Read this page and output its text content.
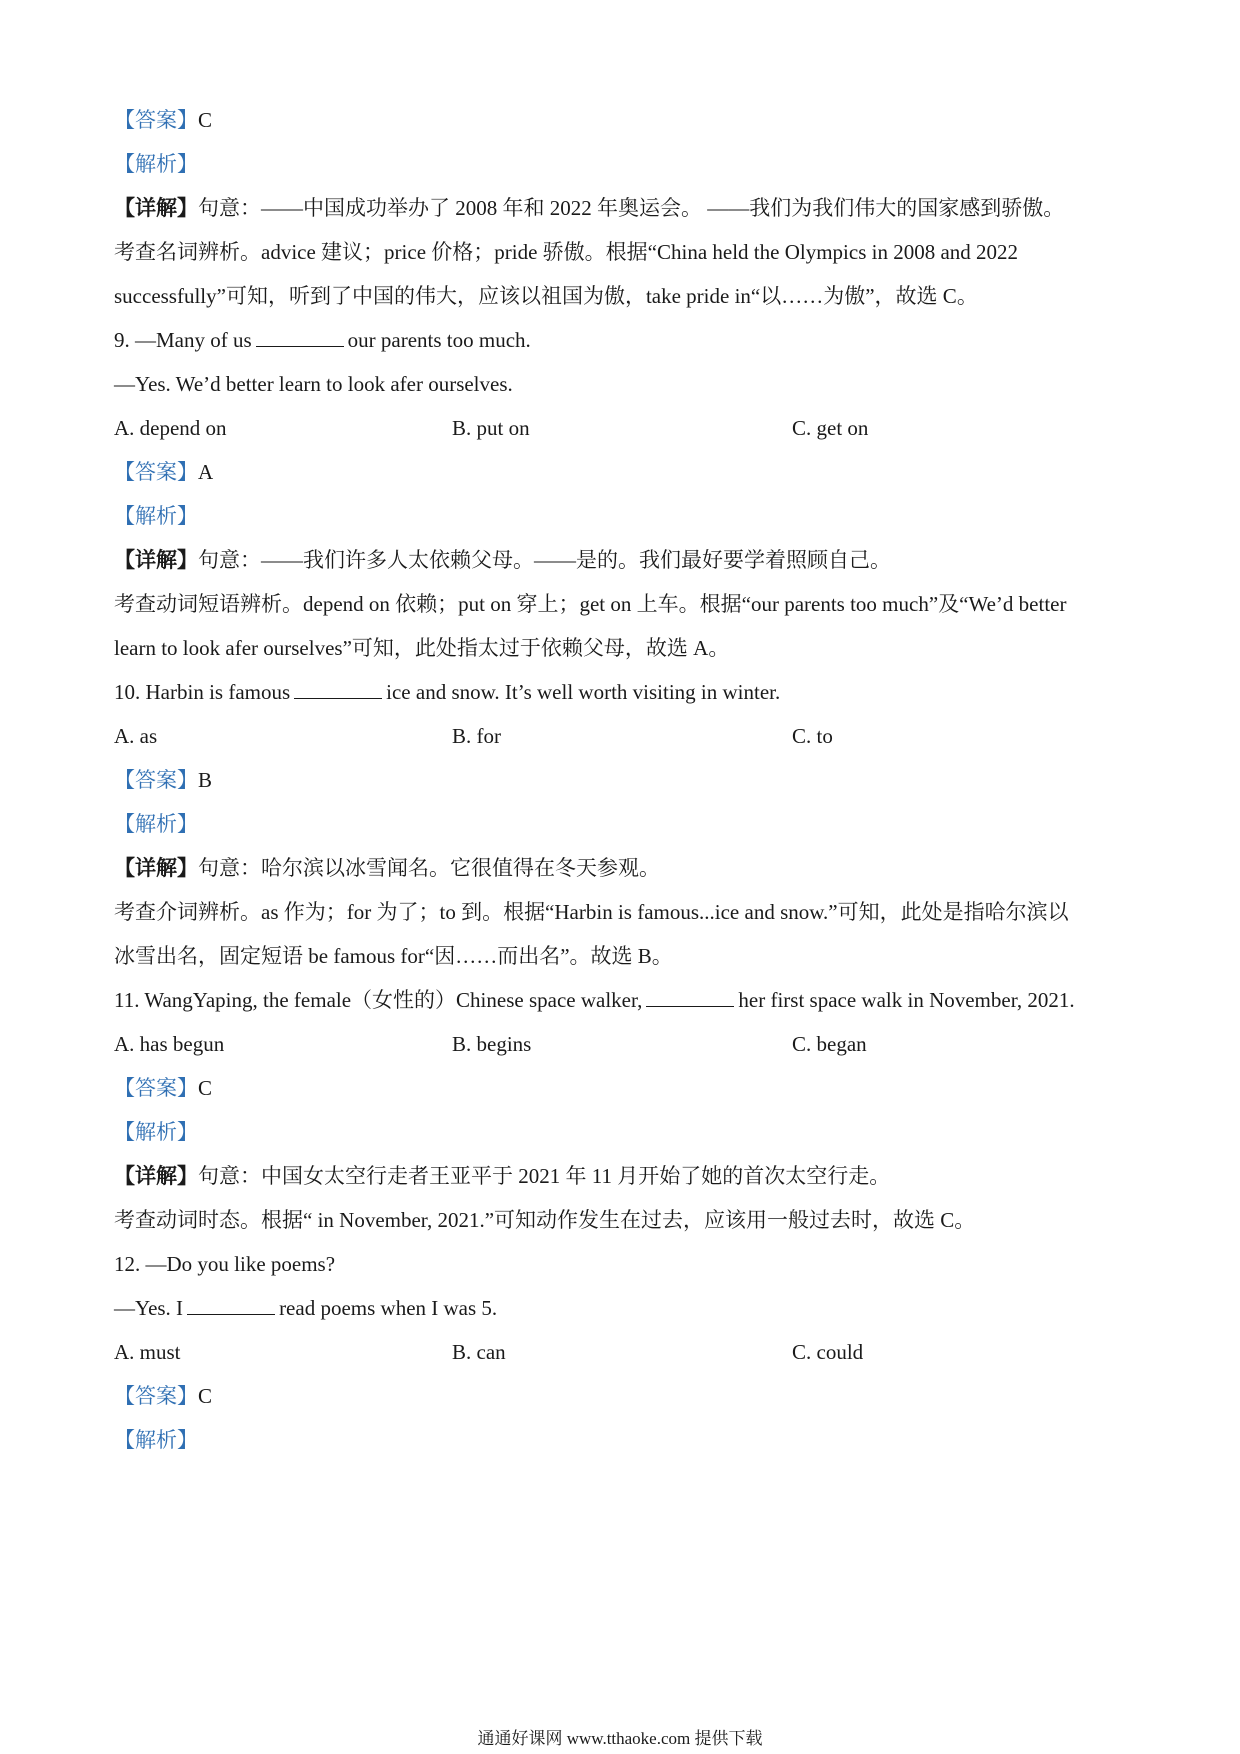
【答案】C
【解析】
【详解】句意：——中国成功举办了 2008 年和 2022 年奥运会。 ——我们为我们伟大的国家感到骄傲。
考查名词辨析。advice 建议；price 价格；pride 骄傲。根据“China held the Olympics in 2008 and 2022
successfully”可知，听到了中国的伟大，应该以祖国为傲，take pride in“以……为傲”，故选 C。
9. —Many of us	our parents too much.
—Yes. We’d better learn to look afer ourselves.
A. depend on	B. put on	C. get on
【答案】A
【解析】
【详解】句意：——我们许多人太依赖父母。——是的。我们最好要学着照顾自己。
考查动词短语辨析。depend on 依赖；put on 穿上；get on 上车。根据“our parents too much”及“We’d better
learn to look afer ourselves”可知，此处指太过于依赖父母，故选 A。
10. Harbin is famous	ice and snow. It’s well worth visiting in winter.
A. as	B. for	C. to
【答案】B
【解析】
【详解】句意：哈尔滨以冰雪闻名。它很值得在冬天参观。
考查介词辨析。as 作为；for 为了；to 到。根据“Harbin is famous...ice and snow.”可知，此处是指哈尔滨以
冰雪出名，固定短语 be famous for“因……而出名”。故选 B。
11. WangYaping, the female（女性的）Chinese space walker,	her first space walk in November, 2021.
A. has begun	B. begins	C. began
【答案】C
【解析】
【详解】句意：中国女太空行走者王亚平于 2021 年 11 月开始了她的首次太空行走。
考查动词时态。根据“ in November, 2021.”可知动作发生在过去，应该用一般过去时，故选 C。
12. —Do you like poems?
—Yes. I	read poems when I was 5.
A. must	B. can	C. could
【答案】C
【解析】
通通好课网 www.tthaoke.com 提供下载
